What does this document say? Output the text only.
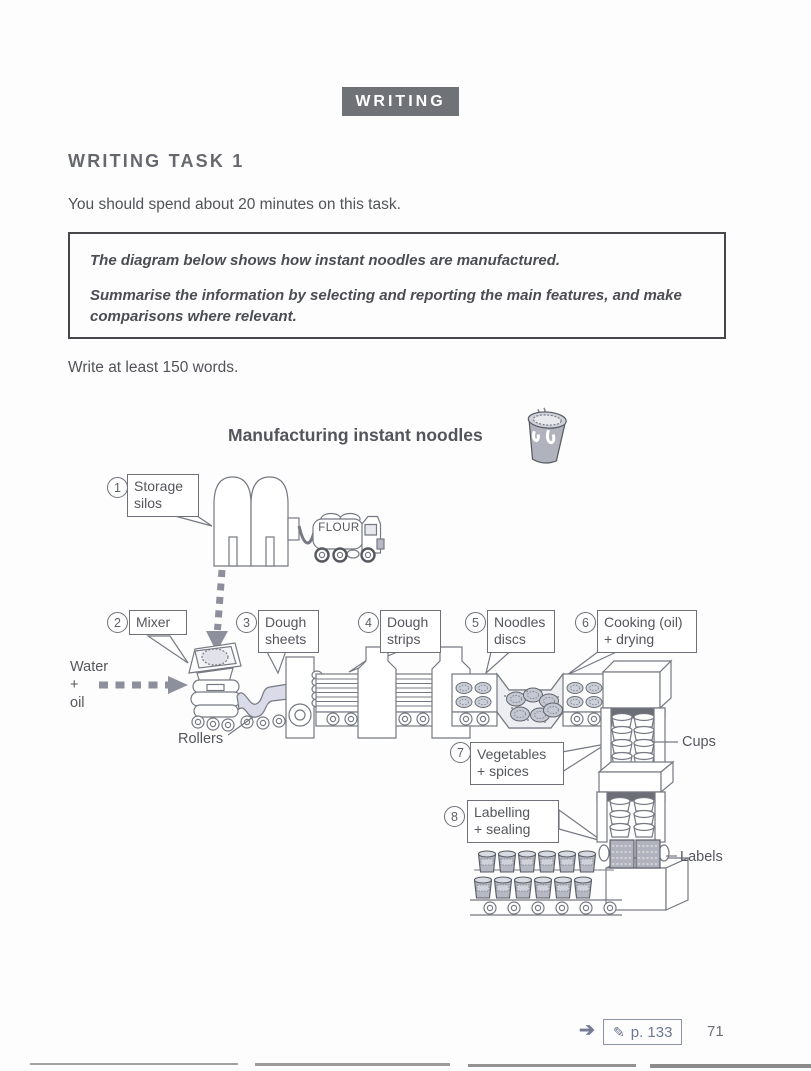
WRITING
WRITING TASK 1
You should spend about 20 minutes on this task.

The diagram below shows how instant noodles are manufactured.

Summarise the information by selecting and reporting the main features, and make comparisons where relevant.

Write at least 150 words.
Manufacturing instant noodles
FLOUR
1
2	3	4	5	6
7
8
Storage
silos
Mixer	Dough
sheets
Dough
strips
Noodles
discs
Cooking (oil)
+ drying
Vegetables
+ spices
Labelling
+ sealing
Water
+
oil
Rollers	Cups
Labels
➔ ✎ p. 133 71
